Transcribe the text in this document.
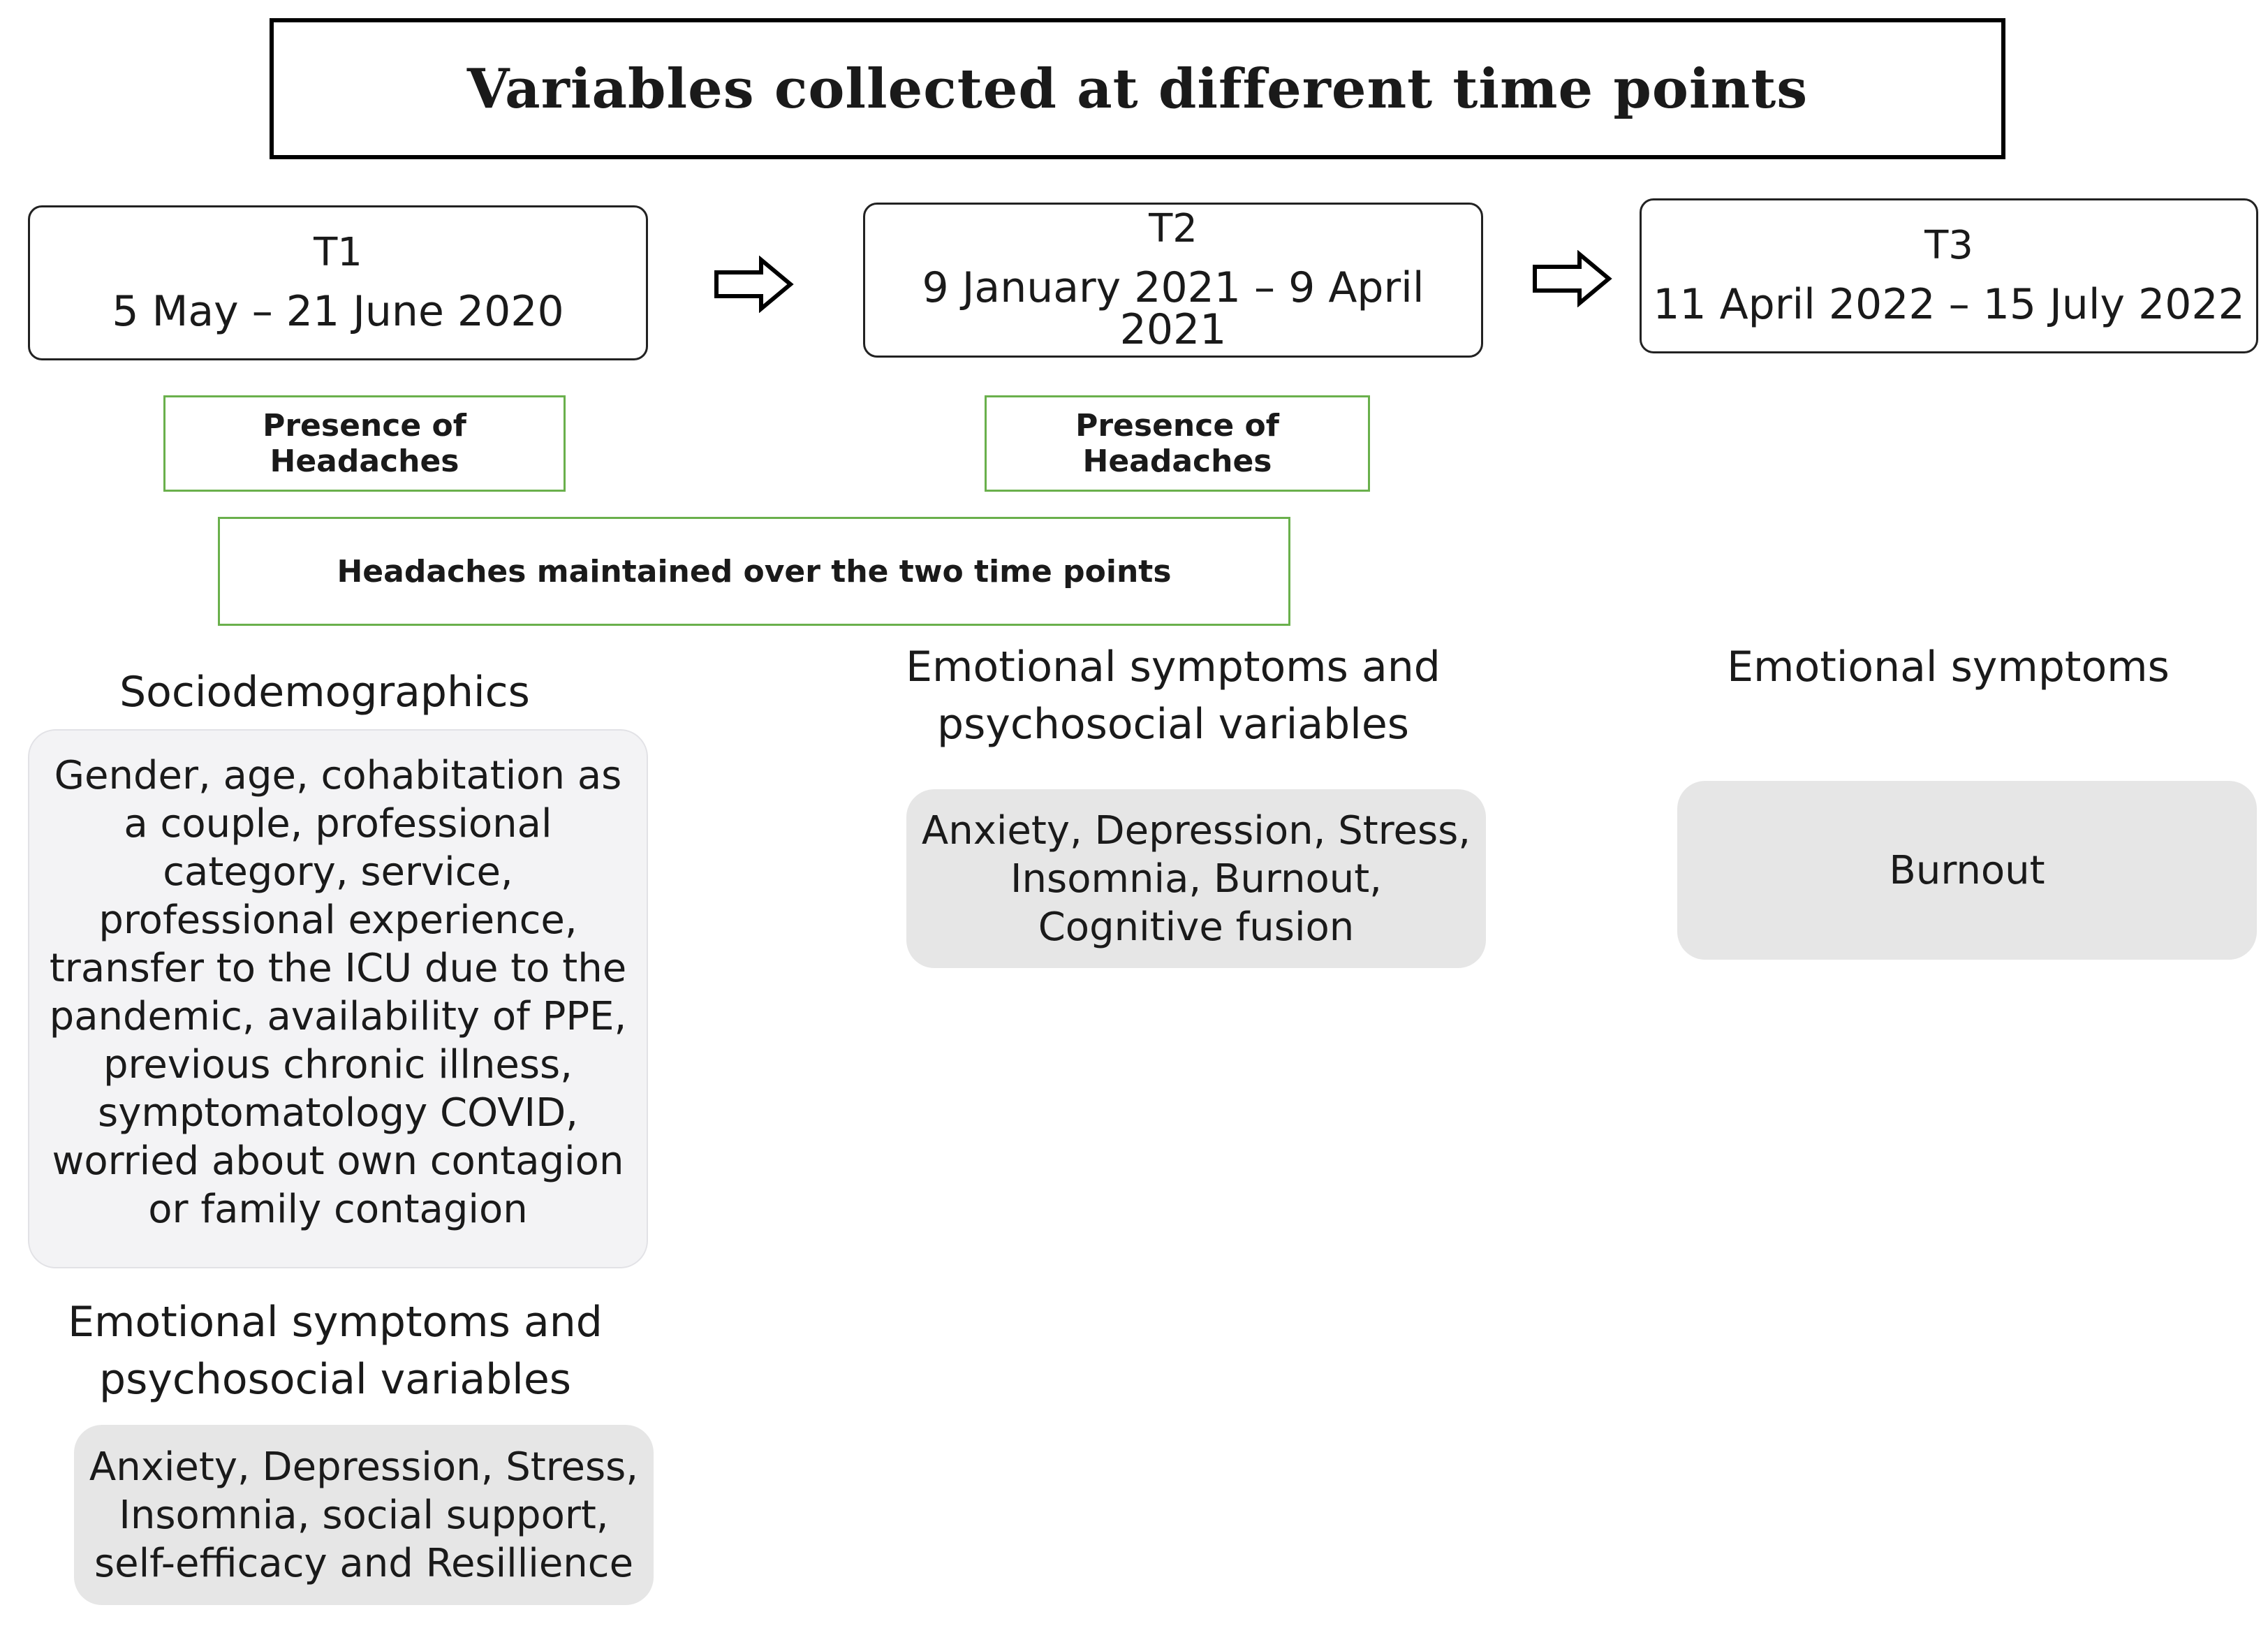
Variables collected at different time points
T1
5 May – 21 June 2020
T2
9 January 2021 – 9 April 2021
T3
11 April 2022 – 15 July 2022
Presence of Headaches
Presence of Headaches
Headaches maintained over the two time points
Sociodemographics
Gender, age, cohabitation as a couple, professional category, service, professional experience, transfer to the ICU due to the pandemic, availability of PPE, previous chronic illness, symptomatology COVID, worried about own contagion or family contagion
Emotional symptoms and psychosocial variables
Anxiety, Depression, Stress, Insomnia, social support, self-efficacy and Resillience
Emotional symptoms and psychosocial variables
Anxiety, Depression, Stress, Insomnia, Burnout, Cognitive fusion
Emotional symptoms
Burnout
